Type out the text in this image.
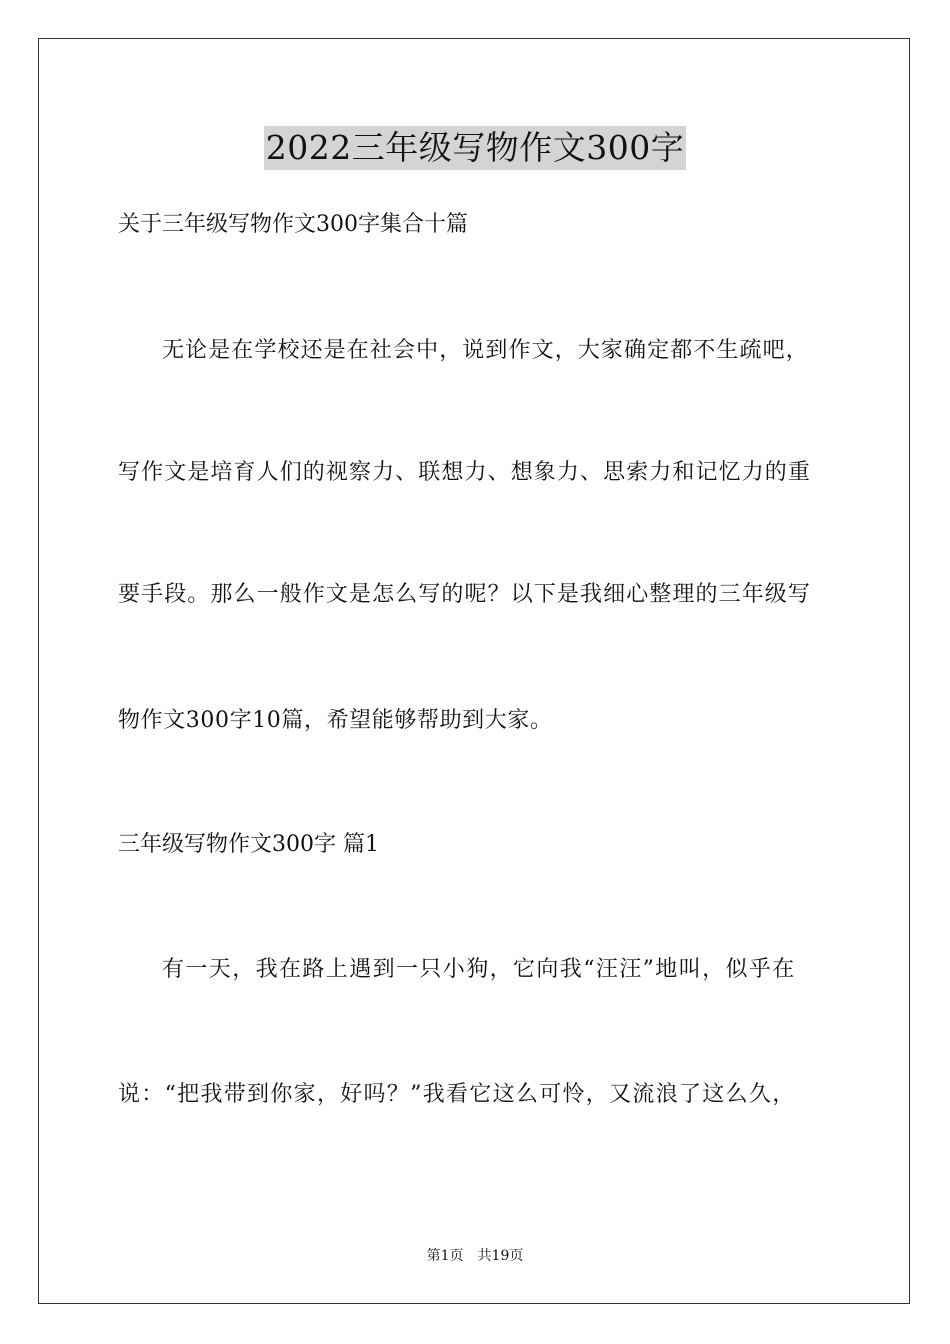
2022三年级写物作文300字
关于三年级写物作文300字集合十篇
无论是在学校还是在社会中，说到作文，大家确定都不生疏吧，
写作文是培育人们的视察力、联想力、想象力、思索力和记忆力的重
要手段。那么一般作文是怎么写的呢？以下是我细心整理的三年级写
物作文300字10篇，希望能够帮助到大家。
三年级写物作文300字 篇1
有一天，我在路上遇到一只小狗，它向我“汪汪”地叫，似乎在
说：“把我带到你家，好吗？”我看它这么可怜，又流浪了这么久，
第1页 共19页
